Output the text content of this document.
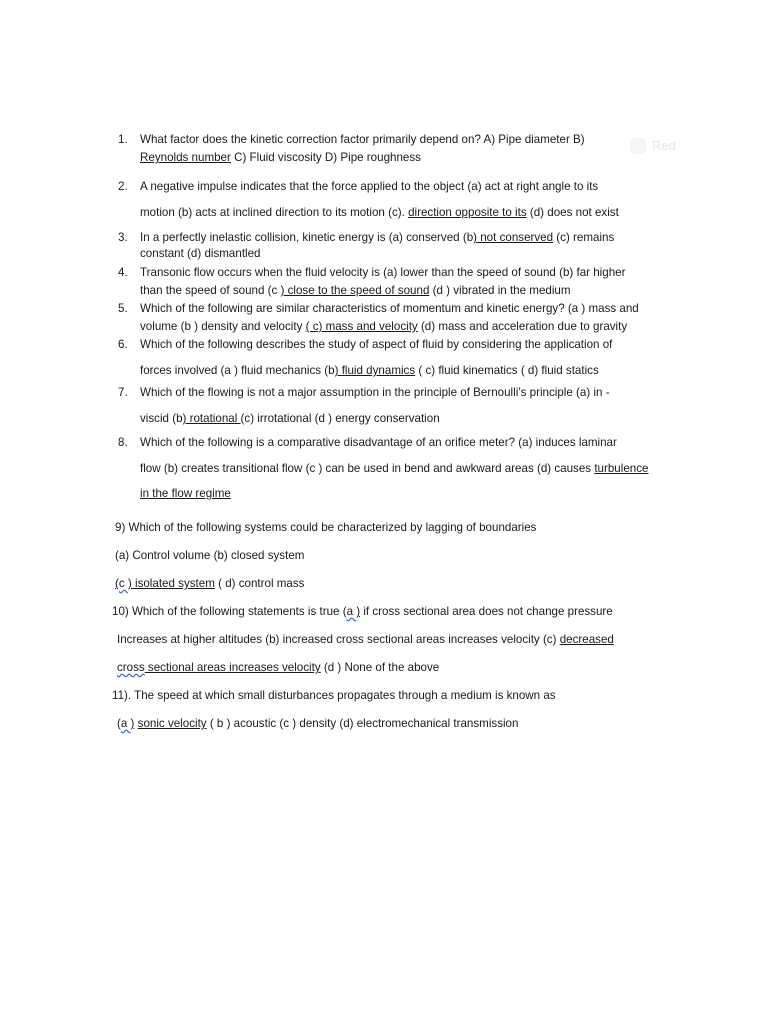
1.	What factor does the kinetic correction factor primarily depend on? A) Pipe diameter B)
Reynolds number C) Fluid viscosity D) Pipe roughness
2.	A negative impulse indicates that the force applied to the object (a) act at right angle to its
motion (b) acts at inclined direction to its motion (c). direction opposite to its (d) does not exist
3.	In a perfectly inelastic collision, kinetic energy is (a) conserved (b) not conserved (c) remains
constant (d) dismantled
4.	Transonic flow occurs when the fluid velocity is (a) lower than the speed of sound (b) far higher
than the speed of sound (c ) close to the speed of sound (d ) vibrated in the medium
5.	Which of the following are similar characteristics of momentum and kinetic energy? (a ) mass and
volume (b ) density and velocity ( c) mass and velocity (d) mass and acceleration due to gravity
6.	Which of the following describes the study of aspect of fluid by considering the application of
forces involved (a ) fluid mechanics (b) fluid dynamics ( c) fluid kinematics ( d) fluid statics
7.	Which of the flowing is not a major assumption in the principle of Bernoulli’s principle (a) in -
viscid (b) rotational (c) irrotational (d ) energy conservation
8.	Which of the following is a comparative disadvantage of an orifice meter? (a) induces laminar
flow (b) creates transitional flow (c ) can be used in bend and awkward areas (d) causes turbulence
in the flow regime
9) Which of the following systems could be characterized by lagging of boundaries
(a) Control volume (b) closed system
(c ) isolated system ( d) control mass
10) Which of the following statements is true (a ) if cross sectional area does not change pressure
Increases at higher altitudes (b) increased cross sectional areas increases velocity (c) decreased
cross sectional areas increases velocity (d ) None of the above
11). The speed at which small disturbances propagates through a medium is known as
(a ) sonic velocity ( b ) acoustic (c ) density (d) electromechanical transmission
Red
